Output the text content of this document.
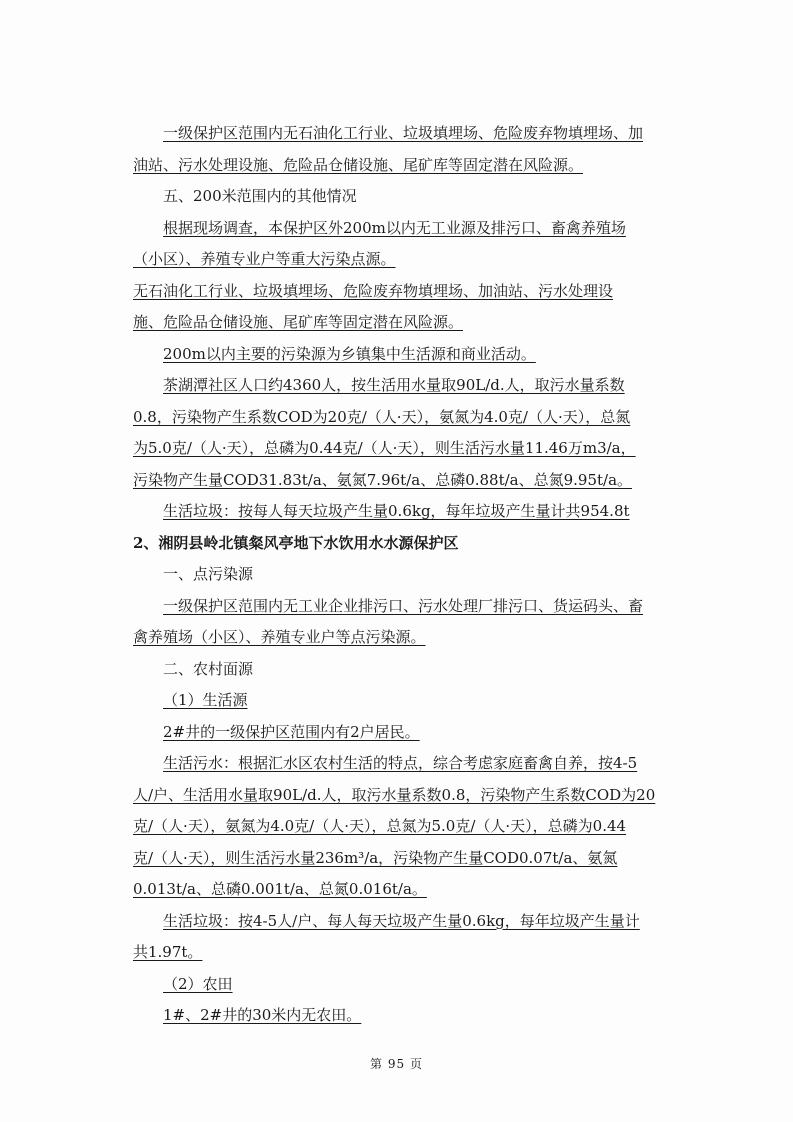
一级保护区范围内无石油化工行业、垃圾填埋场、危险废弃物填埋场、加
油站、污水处理设施、危险品仓储设施、尾矿库等固定潜在风险源。
五、200米范围内的其他情况
根据现场调查，本保护区外200m以内无工业源及排污口、畜禽养殖场
（小区）、养殖专业户等重大污染点源。
无石油化工行业、垃圾填埋场、危险废弃物填埋场、加油站、污水处理设
施、危险品仓储设施、尾矿库等固定潜在风险源。
200m以内主要的污染源为乡镇集中生活源和商业活动。
茶湖潭社区人口约4360人，按生活用水量取90L/d.人，取污水量系数
0.8，污染物产生系数COD为20克/（人·天），氨氮为4.0克/（人·天），总氮
为5.0克/（人·天），总磷为0.44克/（人·天），则生活污水量11.46万m3/a，
污染物产生量COD31.83t/a、氨氮7.96t/a、总磷0.88t/a、总氮9.95t/a。
生活垃圾：按每人每天垃圾产生量0.6kg，每年垃圾产生量计共954.8t
2、湘阴县岭北镇粲风亭地下水饮用水水源保护区
一、点污染源
一级保护区范围内无工业企业排污口、污水处理厂排污口、货运码头、畜
禽养殖场（小区）、养殖专业户等点污染源。
二、农村面源
（1）生活源
2#井的一级保护区范围内有2户居民。
生活污水：根据汇水区农村生活的特点，综合考虑家庭畜禽自养，按4-5
人/户、生活用水量取90L/d.人，取污水量系数0.8，污染物产生系数COD为20
克/（人·天），氨氮为4.0克/（人·天），总氮为5.0克/（人·天），总磷为0.44
克/（人·天），则生活污水量236m³/a，污染物产生量COD0.07t/a、氨氮
0.013t/a、总磷0.001t/a、总氮0.016t/a。
生活垃圾：按4-5人/户、每人每天垃圾产生量0.6kg，每年垃圾产生量计
共1.97t。
（2）农田
1#、2#井的30米内无农田。
第 95 页
